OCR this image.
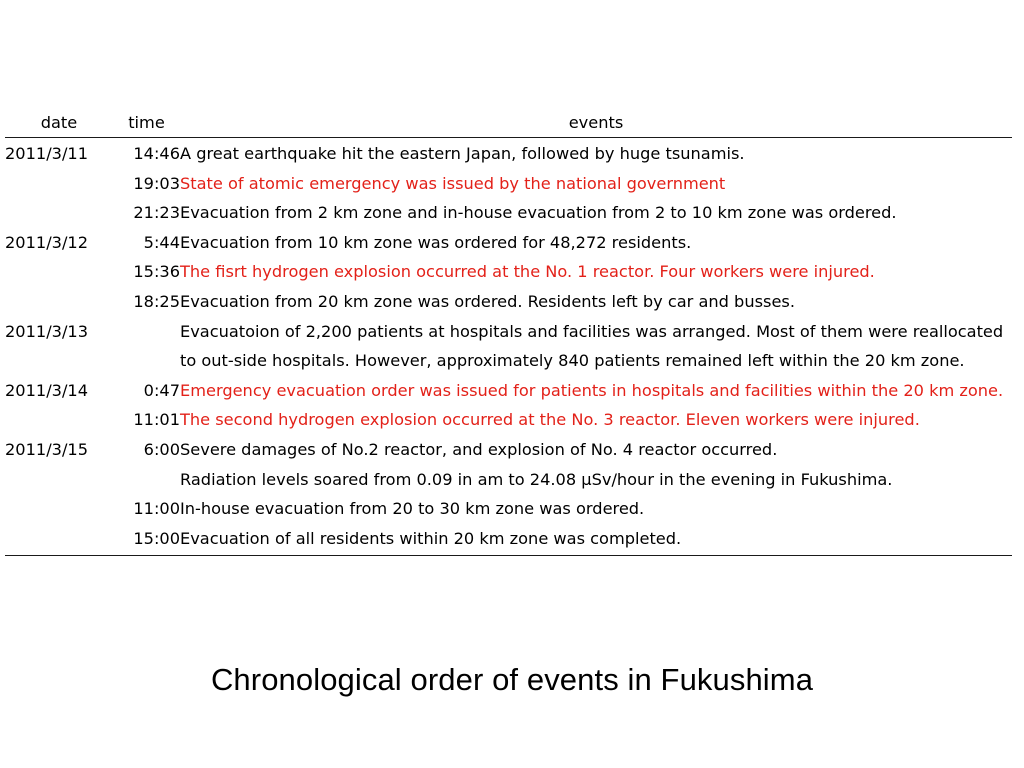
date	time	events
2011/3/11	14:46	A great earthquake hit the eastern Japan, followed by huge tsunamis.
	19:03	State of atomic emergency was issued by the national government
	21:23	Evacuation from 2 km zone and in-house evacuation from 2 to 10 km zone was ordered.
2011/3/12	5:44	Evacuation from 10 km zone was ordered for 48,272 residents.
	15:36	The fisrt hydrogen explosion occurred at the No. 1 reactor. Four workers were injured.
	18:25	Evacuation from 20 km zone was ordered. Residents left by car and busses.
2011/3/13		Evacuatoion of 2,200 patients at hospitals and facilities was arranged. Most of them were reallocated to out-side hospitals. However, approximately 840 patients remained left within the 20 km zone.
2011/3/14	0:47	Emergency evacuation order was issued for patients in hospitals and facilities within the 20 km zone.
	11:01	The second hydrogen explosion occurred at the No. 3 reactor. Eleven workers were injured.
2011/3/15	6:00	Severe damages of No.2 reactor, and explosion of No. 4 reactor occurred.
		Radiation levels soared from 0.09 in am to 24.08 µSv/hour in the evening in Fukushima.
	11:00	In-house evacuation from 20 to 30 km zone was ordered.
	15:00	Evacuation of all residents within 20 km zone was completed.
Chronological order of events in Fukushima
